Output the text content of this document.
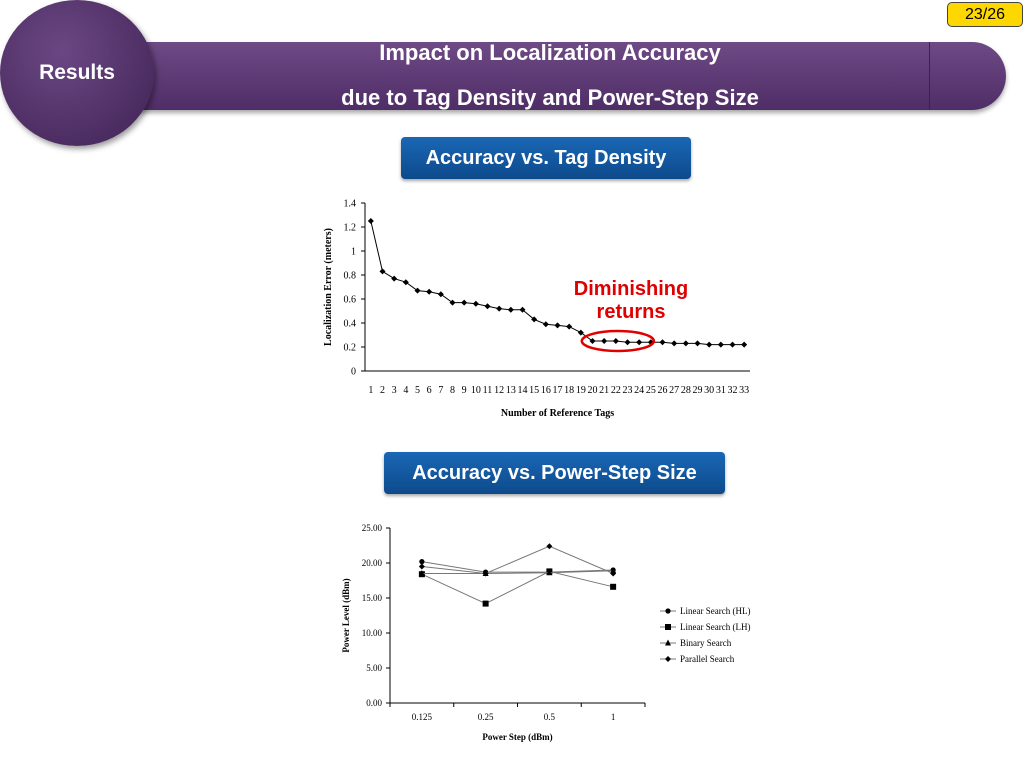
Impact on Localization Accuracy
due to Tag Density and Power-Step Size
Results
23/26
Accuracy vs. Tag Density
Accuracy vs. Power-Step Size
0
0.2
0.4
0.6
0.8
1
1.2
1.4
1 2 3 4 5 6 7 8 9 10 11 12 13 14 15 16 17 18 19 20 21 22 23 24 25 26 27 28 29 30 31 32 33
Number of Reference Tags
Localization Error (meters)	Diminishing
returns
0.00
5.00
10.00
15.00
20.00
25.00
0.125	0.25	0.5	1
Power Step (dBm)
Power Level (dBm)	Linear Search (HL)
Linear Search (LH)
Binary Search
Parallel Search
